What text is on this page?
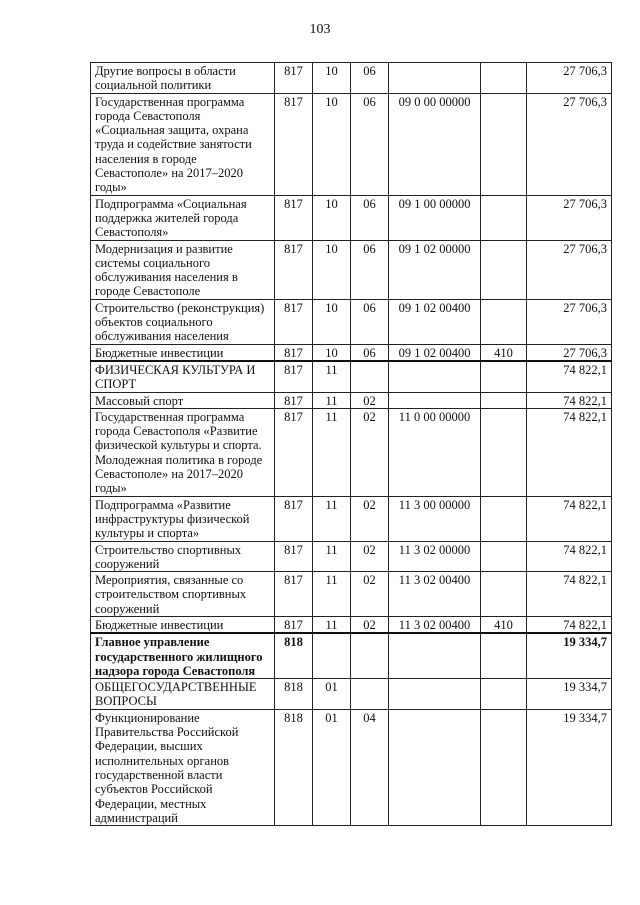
103
Другие вопросы в области социальной политики	817	10	06			27 706,3
Государственная программа города Севастополя «Социальная защита, охрана труда и содействие занятости населения в городе Севастополе» на 2017–2020 годы»	817	10	06	09 0 00 00000		27 706,3
Подпрограмма «Социальная поддержка жителей города Севастополя»	817	10	06	09 1 00 00000		27 706,3
Модернизация и развитие системы социального обслуживания населения в городе Севастополе	817	10	06	09 1 02 00000		27 706,3
Строительство (реконструкция) объектов социального обслуживания населения	817	10	06	09 1 02 00400		27 706,3
Бюджетные инвестиции	817	10	06	09 1 02 00400	410	27 706,3
ФИЗИЧЕСКАЯ КУЛЬТУРА И СПОРТ	817	11				74 822,1
Массовый спорт	817	11	02			74 822,1
Государственная программа города Севастополя «Развитие физической культуры и спорта. Молодежная политика в городе Севастополе» на 2017–2020 годы»	817	11	02	11 0 00 00000		74 822,1
Подпрограмма «Развитие инфраструктуры физической культуры и спорта»	817	11	02	11 3 00 00000		74 822,1
Строительство спортивных сооружений	817	11	02	11 3 02 00000		74 822,1
Мероприятия, связанные со строительством спортивных сооружений	817	11	02	11 3 02 00400		74 822,1
Бюджетные инвестиции	817	11	02	11 3 02 00400	410	74 822,1
Главное управление государственного жилищного надзора города Севастополя	818					19 334,7
ОБЩЕГОСУДАРСТВЕННЫЕ ВОПРОСЫ	818	01				19 334,7
Функционирование Правительства Российской Федерации, высших исполнительных органов государственной власти субъектов Российской Федерации, местных администраций	818	01	04			19 334,7
